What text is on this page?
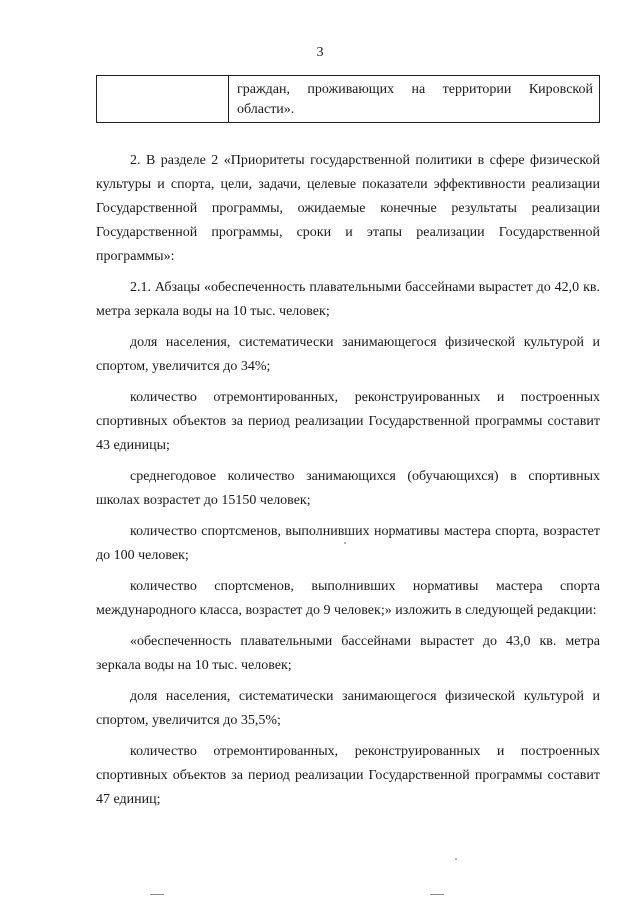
3

граждан, проживающих на территории Кировской области».

2. В разделе 2 «Приоритеты государственной политики в сфере физической культуры и спорта, цели, задачи, целевые показатели эффективности реализации Государственной программы, ожидаемые конечные результаты реализации Государственной программы, сроки и этапы реализации Государственной программы»:

2.1. Абзацы «обеспеченность плавательными бассейнами вырастет до 42,0 кв. метра зеркала воды на 10 тыс. человек;

доля населения, систематически занимающегося физической культурой и спортом, увеличится до 34%;

количество отремонтированных, реконструированных и построенных спортивных объектов за период реализации Государственной программы составит 43 единицы;

среднегодовое количество занимающихся (обучающихся) в спортивных школах возрастет до 15150 человек;

количество спортсменов, выполнивших нормативы мастера спорта, возрастет до 100 человек;

количество спортсменов, выполнивших нормативы мастера спорта международного класса, возрастет до 9 человек;» изложить в следующей редакции:

«обеспеченность плавательными бассейнами вырастет до 43,0 кв. метра зеркала воды на 10 тыс. человек;

доля населения, систематически занимающегося физической культурой и спортом, увеличится до 35,5%;

количество отремонтированных, реконструированных и построенных спортивных объектов за период реализации Государственной программы составит 47 единиц;
